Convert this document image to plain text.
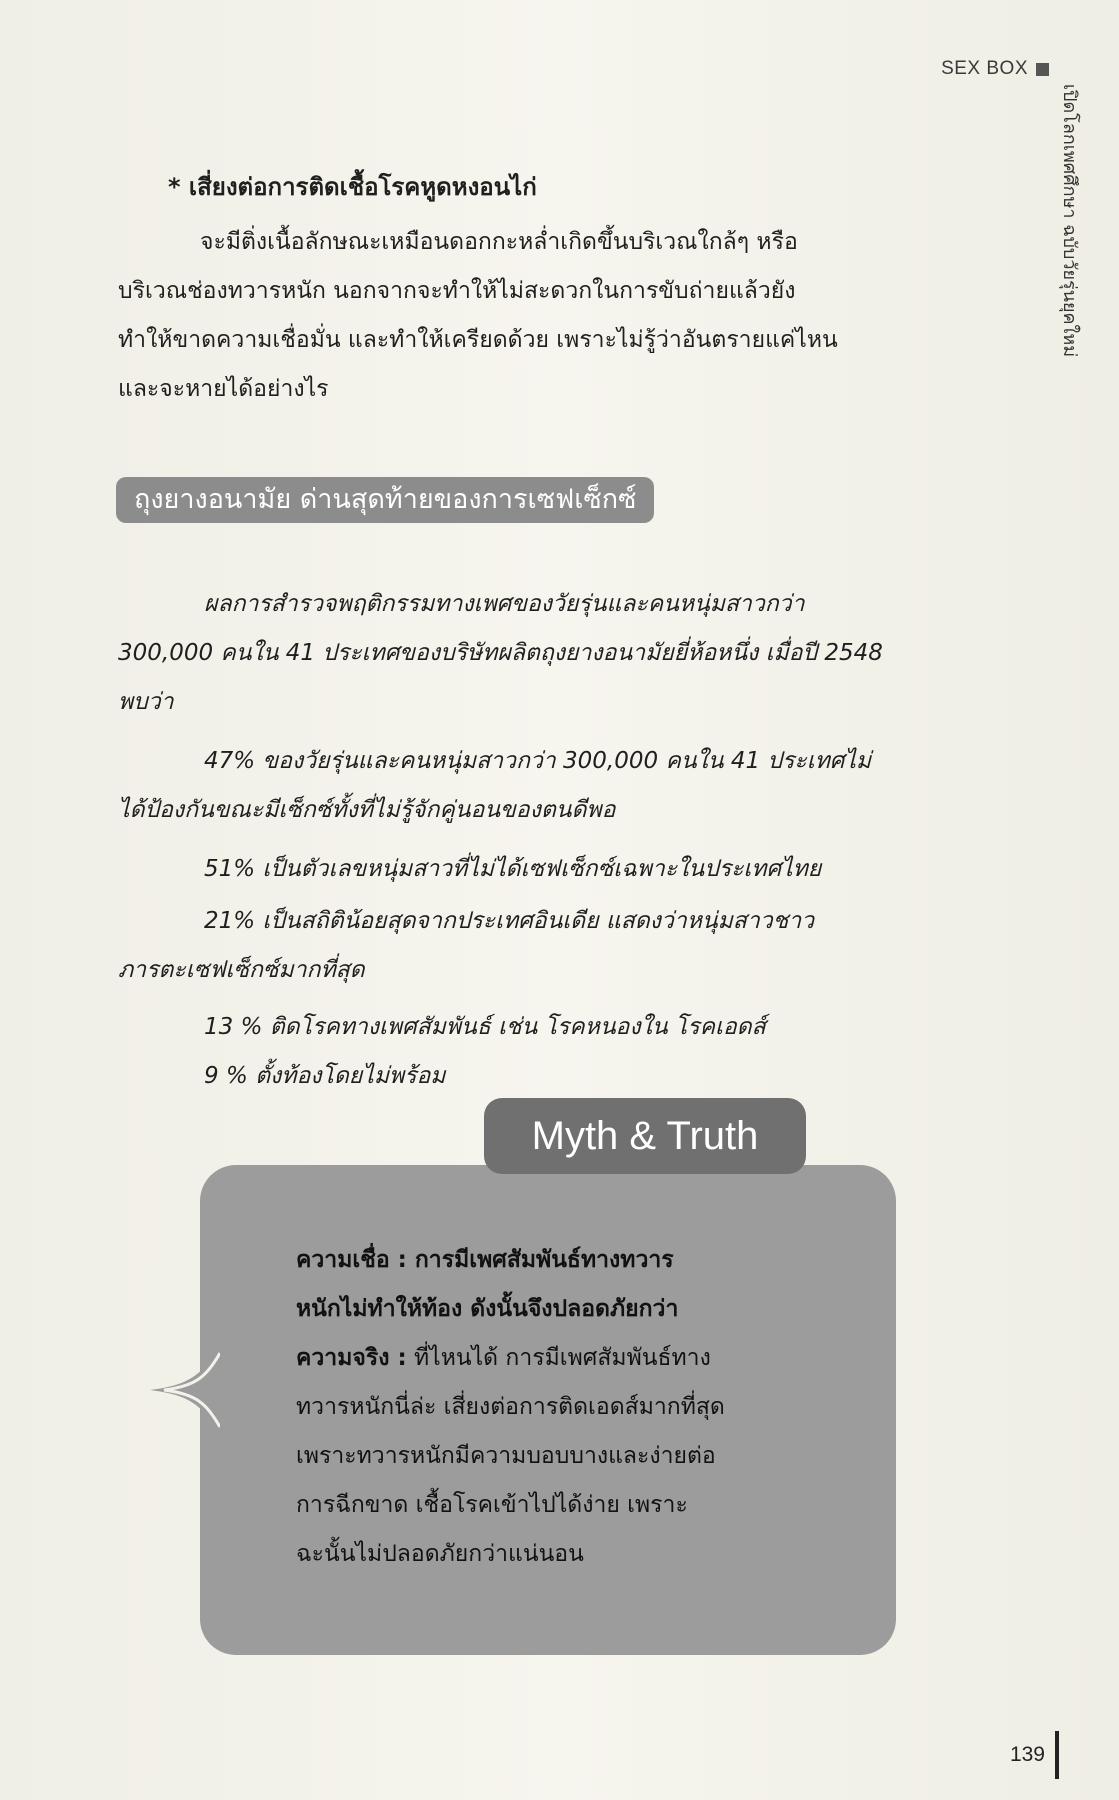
SEX BOX
เปิดโลกเพศศึกษา ฉบับวัยรุ่นยุคใหม่
* เสี่ยงต่อการติดเชื้อโรคหูดหงอนไก่
จะมีติ่งเนื้อลักษณะเหมือนดอกกะหล่ำเกิดขึ้นบริเวณใกล้ๆ หรือ
บริเวณช่องทวารหนัก นอกจากจะทำให้ไม่สะดวกในการขับถ่ายแล้วยัง
ทำให้ขาดความเชื่อมั่น และทำให้เครียดด้วย เพราะไม่รู้ว่าอันตรายแค่ไหน
และจะหายได้อย่างไร
ถุงยางอนามัย ด่านสุดท้ายของการเซฟเซ็กซ์
ผลการสำรวจพฤติกรรมทางเพศของวัยรุ่นและคนหนุ่มสาวกว่า
300,000 คนใน 41 ประเทศของบริษัทผลิตถุงยางอนามัยยี่ห้อหนึ่ง เมื่อปี 2548
พบว่า
47% ของวัยรุ่นและคนหนุ่มสาวกว่า 300,000 คนใน 41 ประเทศไม่
ได้ป้องกันขณะมีเซ็กซ์ทั้งที่ไม่รู้จักคู่นอนของตนดีพอ
51% เป็นตัวเลขหนุ่มสาวที่ไม่ได้เซฟเซ็กซ์เฉพาะในประเทศไทย
21% เป็นสถิติน้อยสุดจากประเทศอินเดีย แสดงว่าหนุ่มสาวชาว
ภารตะเซฟเซ็กซ์มากที่สุด
13 % ติดโรคทางเพศสัมพันธ์ เช่น โรคหนองใน โรคเอดส์
9 % ตั้งท้องโดยไม่พร้อม
Myth & Truth
ความเชื่อ : การมีเพศสัมพันธ์ทางทวาร
หนักไม่ทำให้ท้อง ดังนั้นจึงปลอดภัยกว่า
ความจริง : ที่ไหนได้ การมีเพศสัมพันธ์ทาง
ทวารหนักนี่ล่ะ เสี่ยงต่อการติดเอดส์มากที่สุด
เพราะทวารหนักมีความบอบบางและง่ายต่อ
การฉีกขาด เชื้อโรคเข้าไปได้ง่าย เพราะ
ฉะนั้นไม่ปลอดภัยกว่าแน่นอน
139
